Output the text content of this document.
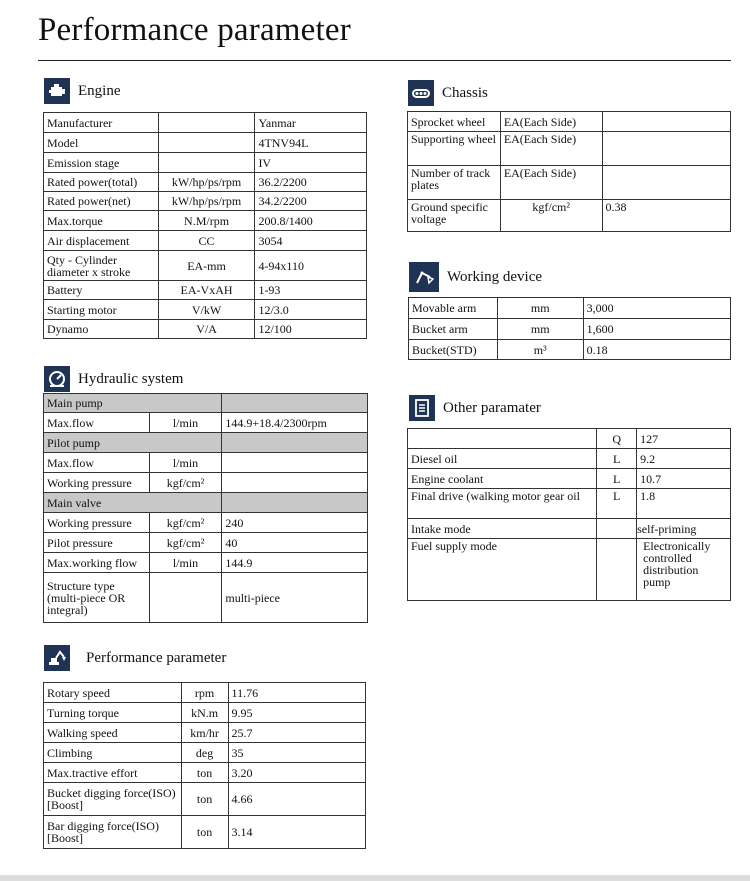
Performance parameter
Engine
Manufacturer		Yanmar
Model		4TNV94L
Emission stage		IV
Rated power(total)	kW/hp/ps/rpm	36.2/2200
Rated power(net)	kW/hp/ps/rpm	34.2/2200
Max.torque	N.M/rpm	200.8/1400
Air displacement	CC	3054
Qty - Cylinder diameter x stroke	EA-mm	4-94x110
Battery	EA-VxAH	1-93
Starting motor	V/kW	12/3.0
Dynamo	V/A	12/100
Hydraulic system
Main pump		
Max.flow	l/min	144.9+18.4/2300rpm
Pilot pump		
Max.flow	l/min	
Working pressure	kgf/cm²	
Main valve		
Working pressure	kgf/cm²	240
Pilot pressure	kgf/cm²	40
Max.working flow	l/min	144.9
Structure type (multi-piece OR integral)		multi-piece
Performance parameter
Rotary speed	rpm	11.76
Turning torque	kN.m	9.95
Walking speed	km/hr	25.7
Climbing	deg	35
Max.tractive effort	ton	3.20
Bucket digging force(ISO)[Boost]	ton	4.66
Bar digging force(ISO)[Boost]	ton	3.14
Chassis
Sprocket wheel	EA(Each Side)	
Supporting wheel	EA(Each Side)	
Number of track plates	EA(Each Side)	
Ground specific voltage	kgf/cm²	0.38
Working device
Movable arm	mm	3,000
Bucket arm	mm	1,600
Bucket(STD)	m³	0.18
Other paramater
	Q	127
Diesel oil	L	9.2
Engine coolant	L	10.7
Final drive (walking motor gear oil	L	1.8
Intake mode		self-priming
Fuel supply mode		Electronically controlled distribution pump
